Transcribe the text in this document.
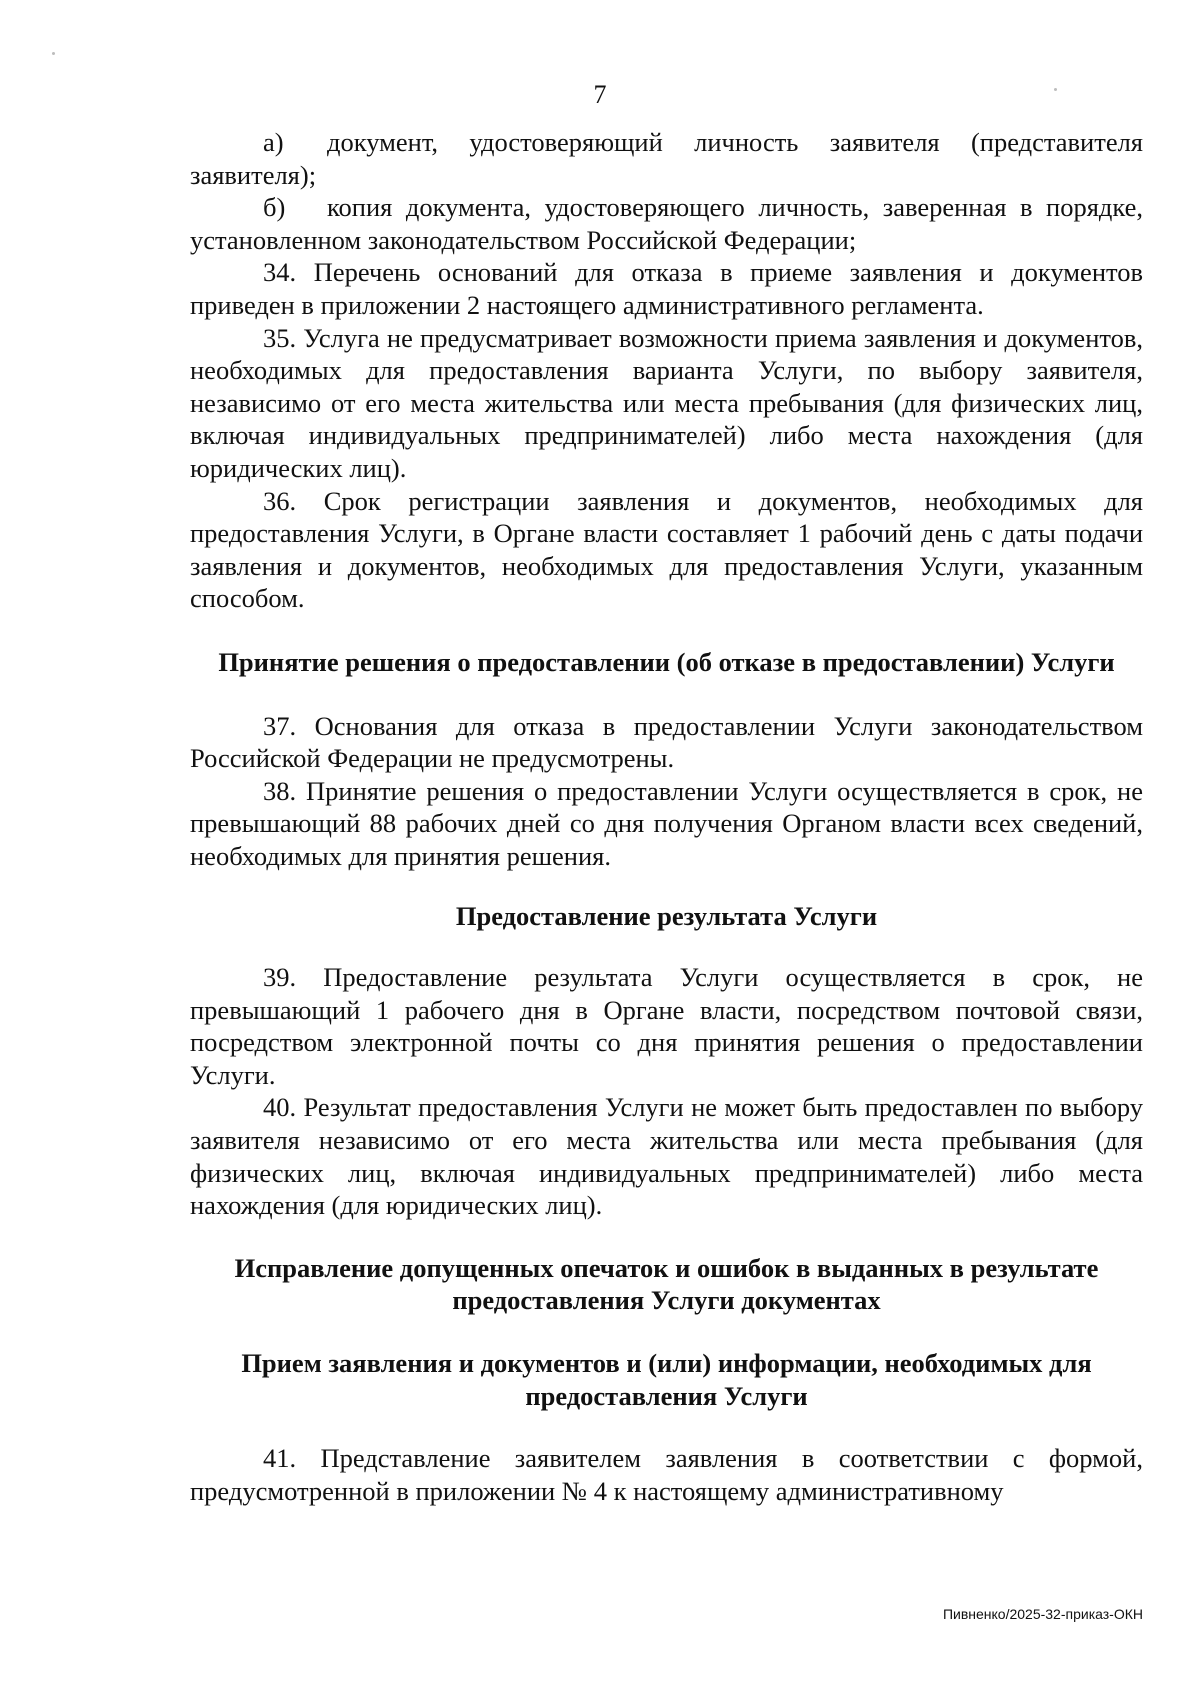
7

а) документ, удостоверяющий личность заявителя (представителя заявителя);

б) копия документа, удостоверяющего личность, заверенная в порядке, установленном законодательством Российской Федерации;

34. Перечень оснований для отказа в приеме заявления и документов приведен в приложении 2 настоящего административного регламента.

35. Услуга не предусматривает возможности приема заявления и документов, необходимых для предоставления варианта Услуги, по выбору заявителя, независимо от его места жительства или места пребывания (для физических лиц, включая индивидуальных предпринимателей) либо места нахождения (для юридических лиц).

36. Срок регистрации заявления и документов, необходимых для предоставления Услуги, в Органе власти составляет 1 рабочий день с даты подачи заявления и документов, необходимых для предоставления Услуги, указанным способом.

Принятие решения о предоставлении (об отказе в предоставлении) Услуги

37. Основания для отказа в предоставлении Услуги законодательством Российской Федерации не предусмотрены.

38. Принятие решения о предоставлении Услуги осуществляется в срок, не превышающий 88 рабочих дней со дня получения Органом власти всех сведений, необходимых для принятия решения.

Предоставление результата Услуги

39. Предоставление результата Услуги осуществляется в срок, не превышающий 1 рабочего дня в Органе власти, посредством почтовой связи, посредством электронной почты со дня принятия решения о предоставлении Услуги.

40. Результат предоставления Услуги не может быть предоставлен по выбору заявителя независимо от его места жительства или места пребывания (для физических лиц, включая индивидуальных предпринимателей) либо места нахождения (для юридических лиц).

Исправление допущенных опечаток и ошибок в выданных в результате предоставления Услуги документах
Прием заявления и документов и (или) информации, необходимых для предоставления Услуги

41. Представление заявителем заявления в соответствии с формой, предусмотренной в приложении № 4 к настоящему административному

Пивненко/2025-32-приказ-ОКН
